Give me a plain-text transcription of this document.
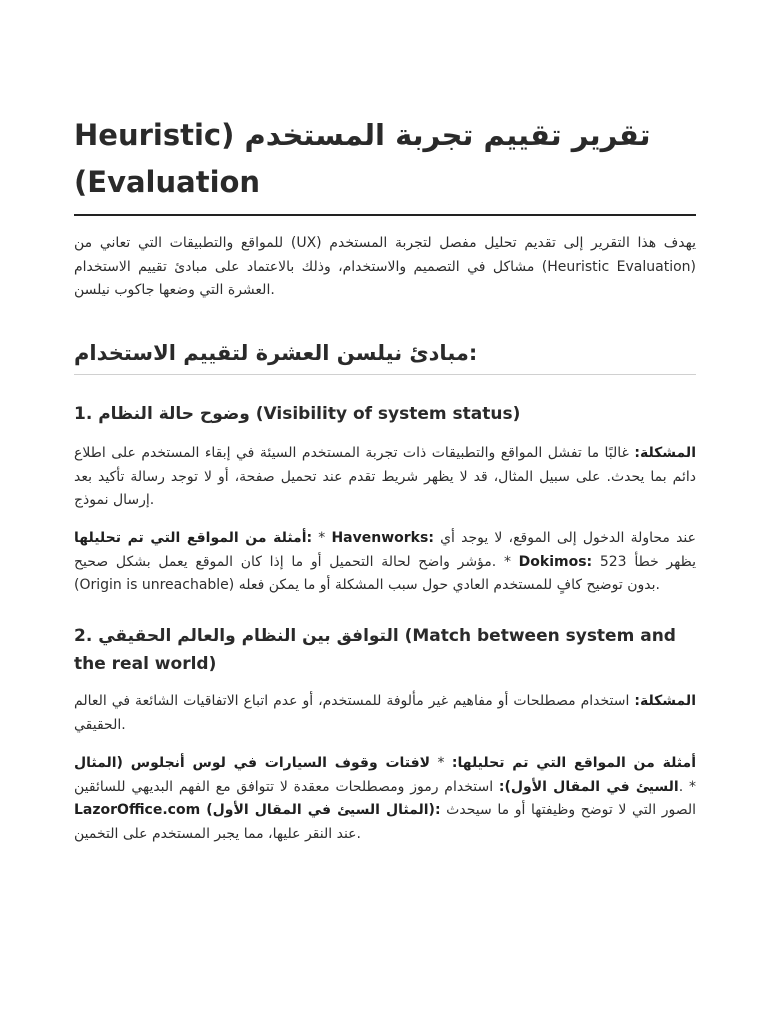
تقرير تقييم تجربة المستخدم (Heuristic Evaluation)

للمواقع والتطبيقات التي تعاني من (UX) يهدف هذا التقرير إلى تقديم تحليل مفصل لتجربة المستخدم مشاكل في التصميم والاستخدام، وذلك بالاعتماد على مبادئ تقييم الاستخدام (Heuristic Evaluation) العشرة التي وضعها جاكوب نيلسن.

مبادئ نيلسن العشرة لتقييم الاستخدام:
1. وضوح حالة النظام (Visibility of system status)

المشكلة: غالبًا ما تفشل المواقع والتطبيقات ذات تجربة المستخدم السيئة في إبقاء المستخدم على اطلاع دائم بما يحدث. على سبيل المثال، قد لا يظهر شريط تقدم عند تحميل صفحة، أو لا توجد رسالة تأكيد بعد إرسال نموذج.

أمثلة من المواقع التي تم تحليلها: * Havenworks: عند محاولة الدخول إلى الموقع، لا يوجد أي مؤشر واضح لحالة التحميل أو ما إذا كان الموقع يعمل بشكل صحيح. * Dokimos: 523 يظهر خطأ (Origin is unreachable) بدون توضيح كافٍ للمستخدم العادي حول سبب المشكلة أو ما يمكن فعله.

2. التوافق بين النظام والعالم الحقيقي (Match between system and the real world)

المشكلة: استخدام مصطلحات أو مفاهيم غير مألوفة للمستخدم، أو عدم اتباع الاتفاقيات الشائعة في العالم الحقيقي.

أمثلة من المواقع التي تم تحليلها: * لافتات وقوف السيارات في لوس أنجلوس (المثال السيئ في المقال الأول): استخدام رموز ومصطلحات معقدة لا تتوافق مع الفهم البديهي للسائقين. * LazorOffice.com (المثال السيئ في المقال الأول): الصور التي لا توضح وظيفتها أو ما سيحدث عند النقر عليها، مما يجبر المستخدم على التخمين.
